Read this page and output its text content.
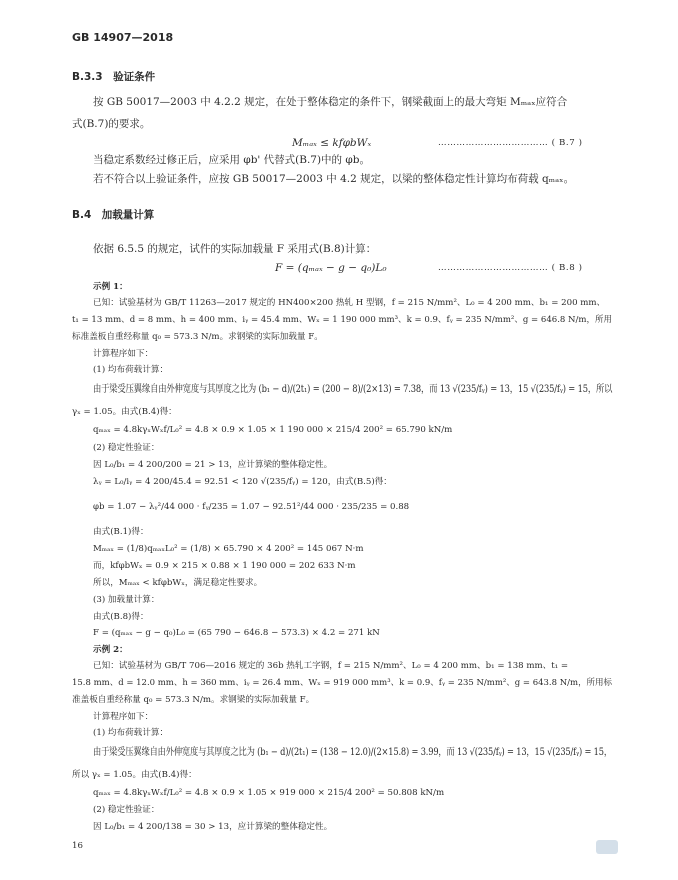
GB 14907—2018
B.3.3　验证条件
按 GB 50017—2003 中 4.2.2 规定，在处于整体稳定的条件下，钢梁截面上的最大弯矩 Mₘₐₓ应符合
式(B.7)的要求。
Mₘₐₓ ≤ kfφbWₓ	……………………………… ( B.7 )
当稳定系数经过修正后，应采用 φb' 代替式(B.7)中的 φb。
若不符合以上验证条件，应按 GB 50017—2003 中 4.2 规定，以梁的整体稳定性计算均布荷载 qₘₐₓ。
B.4　加载量计算
依据 6.5.5 的规定，试件的实际加载量 F 采用式(B.8)计算：
F = (qₘₐₓ − g − q₀)L₀	……………………………… ( B.8 )
示例 1：
已知：试验基材为 GB/T 11263—2017 规定的 HN400×200 热轧 H 型钢，f = 215 N/mm²、L₀ = 4 200 mm、b₁ = 200 mm、
t₁ = 13 mm、d = 8 mm、h = 400 mm、iᵧ = 45.4 mm、Wₓ = 1 190 000 mm³、k = 0.9、fᵧ = 235 N/mm²、g = 646.8 N/m，所用
标准盖板自重经称量 q₀ = 573.3 N/m。求钢梁的实际加载量 F。
计算程序如下：
(1) 均布荷载计算：
由于梁受压翼缘自由外伸宽度与其厚度之比为 (b₁ − d)/(2t₁) = (200 − 8)/(2×13) = 7.38，而 13 √(235/fᵧ) = 13，15 √(235/fᵧ) = 15，所以
γₓ = 1.05。由式(B.4)得：
qₘₐₓ = 4.8kγₓWₓf/L₀² = 4.8 × 0.9 × 1.05 × 1 190 000 × 215/4 200² = 65.790 kN/m
(2) 稳定性验证：
因 L₀/b₁ = 4 200/200 = 21 > 13，应计算梁的整体稳定性。
λᵧ = L₀/iᵧ = 4 200/45.4 = 92.51 < 120 √(235/fᵧ) = 120，由式(B.5)得：
φb = 1.07 − λᵧ²/44 000 · fᵧ/235 = 1.07 − 92.51²/44 000 · 235/235 = 0.88
由式(B.1)得：
Mₘₐₓ = (1/8)qₘₐₓL₀² = (1/8) × 65.790 × 4 200² = 145 067 N·m
而，kfφbWₓ = 0.9 × 215 × 0.88 × 1 190 000 = 202 633 N·m
所以，Mₘₐₓ < kfφbWₓ，满足稳定性要求。
(3) 加载量计算：
由式(B.8)得：
F = (qₘₐₓ − g − q₀)L₀ = (65 790 − 646.8 − 573.3) × 4.2 = 271 kN
示例 2：
已知：试验基材为 GB/T 706—2016 规定的 36b 热轧工字钢，f = 215 N/mm²、L₀ = 4 200 mm、b₁ = 138 mm、t₁ =
15.8 mm、d = 12.0 mm、h = 360 mm、iᵧ = 26.4 mm、Wₓ = 919 000 mm³、k = 0.9、fᵧ = 235 N/mm²、g = 643.8 N/m，所用标
准盖板自重经称量 q₀ = 573.3 N/m。求钢梁的实际加载量 F。
计算程序如下：
(1) 均布荷载计算：
由于梁受压翼缘自由外伸宽度与其厚度之比为 (b₁ − d)/(2t₁) = (138 − 12.0)/(2×15.8) = 3.99，而 13 √(235/fᵧ) = 13，15 √(235/fᵧ) = 15，
所以 γₓ = 1.05。由式(B.4)得：
qₘₐₓ = 4.8kγₓWₓf/L₀² = 4.8 × 0.9 × 1.05 × 919 000 × 215/4 200² = 50.808 kN/m
(2) 稳定性验证：
因 L₀/b₁ = 4 200/138 = 30 > 13，应计算梁的整体稳定性。
16
